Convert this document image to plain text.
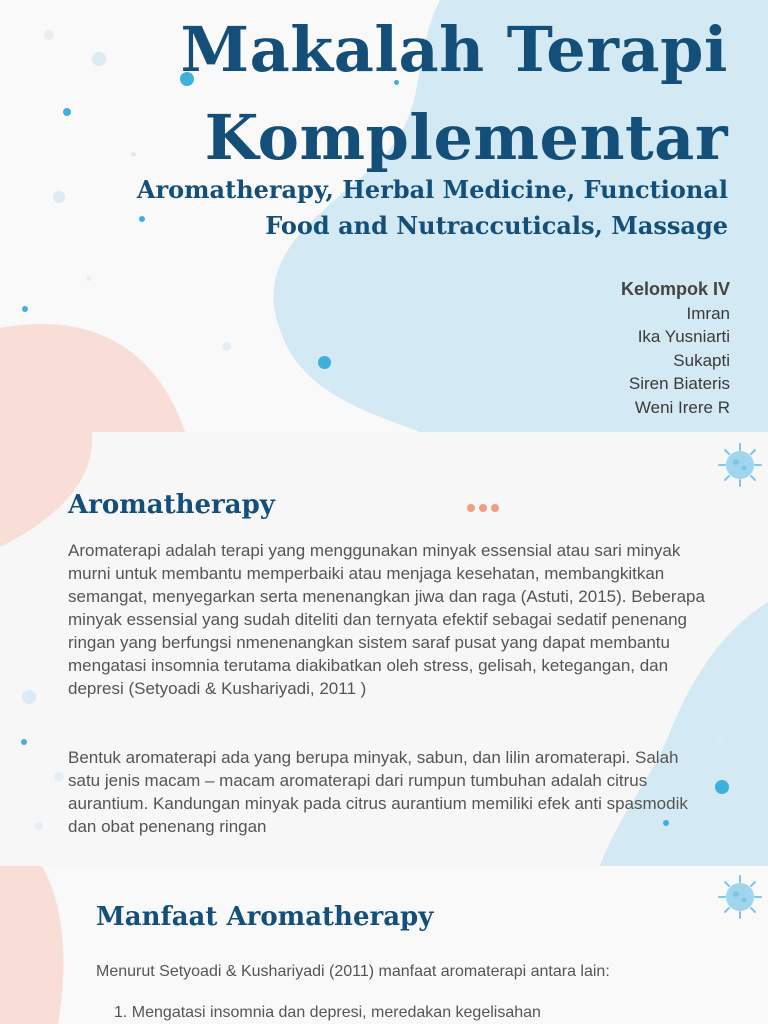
Makalah Terapi
Komplementar
Aromatherapy, Herbal Medicine, Functional
Food and Nutraccuticals, Massage
Kelompok IV
Imran
Ika Yusniarti
Sukapti
Siren Biateris
Weni Irere R
Aromatherapy

Aromaterapi adalah terapi yang menggunakan minyak essensial atau sari minyak murni untuk membantu memperbaiki atau menjaga kesehatan, membangkitkan semangat, menyegarkan serta menenangkan jiwa dan raga (Astuti, 2015). Beberapa minyak essensial yang sudah diteliti dan ternyata efektif sebagai sedatif penenang ringan yang berfungsi nmenenangkan sistem saraf pusat yang dapat membantu mengatasi insomnia terutama diakibatkan oleh stress, gelisah, ketegangan, dan depresi (Setyoadi & Kushariyadi, 2011 )

Bentuk aromaterapi ada yang berupa minyak, sabun, dan lilin aromaterapi. Salah satu jenis macam – macam aromaterapi dari rumpun tumbuhan adalah citrus aurantium. Kandungan minyak pada citrus aurantium memiliki efek anti spasmodik dan obat penenang ringan

Manfaat Aromatherapy

Menurut Setyoadi & Kushariyadi (2011) manfaat aromaterapi antara lain:

1. Mengatasi insomnia dan depresi, meredakan kegelisahan
